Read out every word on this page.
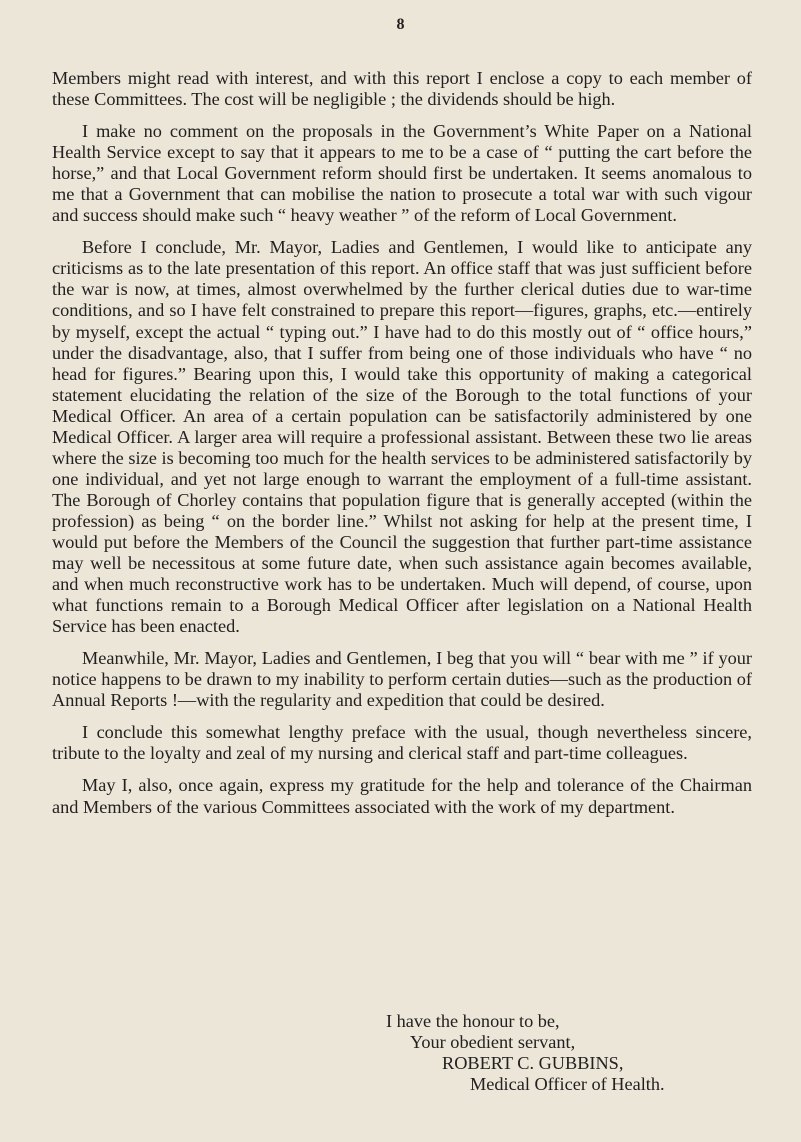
8

Members might read with interest, and with this report I enclose a copy to each member of these Committees. The cost will be negligible ; the dividends should be high.

I make no comment on the proposals in the Government’s White Paper on a National Health Service except to say that it appears to me to be a case of “ putting the cart before the horse,” and that Local Government reform should first be undertaken. It seems anomalous to me that a Government that can mobilise the nation to prosecute a total war with such vigour and success should make such “ heavy weather ” of the reform of Local Government.

Before I conclude, Mr. Mayor, Ladies and Gentlemen, I would like to anticipate any criticisms as to the late presentation of this report. An office staff that was just sufficient before the war is now, at times, almost overwhelmed by the further clerical duties due to war-time conditions, and so I have felt constrained to prepare this report—figures, graphs, etc.—entirely by myself, except the actual “ typing out.” I have had to do this mostly out of “ office hours,” under the disadvantage, also, that I suffer from being one of those individuals who have “ no head for figures.” Bearing upon this, I would take this opportunity of making a categorical statement elucidating the relation of the size of the Borough to the total functions of your Medical Officer. An area of a certain population can be satisfactorily administered by one Medical Officer. A larger area will require a professional assistant. Between these two lie areas where the size is becoming too much for the health services to be administered satisfactorily by one individual, and yet not large enough to warrant the employment of a full-time assistant. The Borough of Chorley contains that population figure that is generally accepted (within the profession) as being “ on the border line.” Whilst not asking for help at the present time, I would put before the Members of the Council the suggestion that further part-time assistance may well be necessitous at some future date, when such assistance again becomes available, and when much reconstructive work has to be undertaken. Much will depend, of course, upon what functions remain to a Borough Medical Officer after legislation on a National Health Service has been enacted.

Meanwhile, Mr. Mayor, Ladies and Gentlemen, I beg that you will “ bear with me ” if your notice happens to be drawn to my inability to perform certain duties—such as the production of Annual Reports !—with the regularity and expedition that could be desired.

I conclude this somewhat lengthy preface with the usual, though nevertheless sincere, tribute to the loyalty and zeal of my nursing and clerical staff and part-time colleagues.

May I, also, once again, express my gratitude for the help and tolerance of the Chairman and Members of the various Committees associated with the work of my department.

I have the honour to be,
Your obedient servant,
ROBERT C. GUBBINS,
Medical Officer of Health.
